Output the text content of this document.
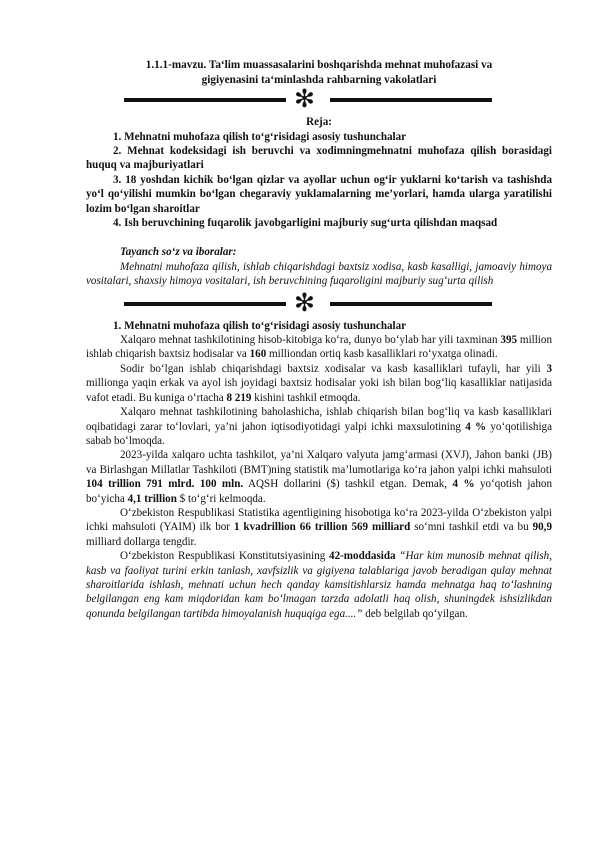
1.1.1-mavzu. Ta‘lim muassasalarini boshqarishda mehnat muhofazasi va
gigiyenasini ta‘minlashda rahbarning vakolatlari

✻

Reja:

1. Mehnatni muhofaza qilish to‘g‘risidagi asosiy tushunchalar

2. Mehnat kodeksidagi ish beruvchi va xodimningmehnatni muhofaza qilish borasidagi huquq va majburiyatlari

3. 18 yoshdan kichik bo‘lgan qizlar va ayollar uchun og‘ir yuklarni ko‘tarish va tashishda yo‘l qo‘yilishi mumkin bo‘lgan chegaraviy yuklamalarning me’yorlari, hamda ularga yaratilishi lozim bo‘lgan sharoitlar

4. Ish beruvchining fuqarolik javobgarligini majburiy sug‘urta qilishdan maqsad

Tayanch so‘z va iboralar:

Mehnatni muhofaza qilish, ishlab chiqarishdagi baxtsiz xodisa, kasb kasalligi, jamoaviy himoya vositalari, shaxsiy himoya vositalari, ish beruvchining fuqaroligini majburiy sug‘urta qilish

✻

1. Mehnatni muhofaza qilish to‘g‘risidagi asosiy tushunchalar

Xalqaro mehnat tashkilotining hisob-kitobiga ko‘ra, dunyo bo‘ylab har yili taxminan 395 million ishlab chiqarish baxtsiz hodisalar va 160 milliondan ortiq kasb kasalliklari ro‘yxatga olinadi.

Sodir bo‘lgan ishlab chiqarishdagi baxtsiz xodisalar va kasb kasalliklari tufayli, har yili 3 millionga yaqin erkak va ayol ish joyidagi baxtsiz hodisalar yoki ish bilan bog‘liq kasalliklar natijasida vafot etadi. Bu kuniga o‘rtacha 8 219 kishini tashkil etmoqda.

Xalqaro mehnat tashkilotining baholashicha, ishlab chiqarish bilan bog‘liq va kasb kasalliklari oqibatidagi zarar to‘lovlari, ya’ni jahon iqtisodiyotidagi yalpi ichki maxsulotining 4 % yo‘qotilishiga sabab bo‘lmoqda.

2023-yilda xalqaro uchta tashkilot, ya’ni Xalqaro valyuta jamg‘armasi (XVJ), Jahon banki (JB) va Birlashgan Millatlar Tashkiloti (BMT)ning statistik ma’lumotlariga ko‘ra jahon yalpi ichki mahsuloti 104 trillion 791 mlrd. 100 mln. AQSH dollarini ($) tashkil etgan. Demak, 4 % yo‘qotish jahon bo‘yicha 4,1 trillion $ to‘g‘ri kelmoqda.

O‘zbekiston Respublikasi Statistika agentligining hisobotiga ko‘ra 2023-yilda O‘zbekiston yalpi ichki mahsuloti (YAIM) ilk bor 1 kvadrillion 66 trillion 569 milliard so‘mni tashkil etdi va bu 90,9 milliard dollarga tengdir.

O‘zbekiston Respublikasi Konstitutsiyasining 42-moddasida “Har kim munosib mehnat qilish, kasb va faoliyat turini erkin tanlash, xavfsizlik va gigiyena talablariga javob beradigan qulay mehnat sharoitlarida ishlash, mehnati uchun hech qanday kamsitishlarsiz hamda mehnatga haq to‘lashning belgilangan eng kam miqdoridan kam bo‘lmagan tarzda adolatli haq olish, shuningdek ishsizlikdan qonunda belgilangan tartibda himoyalanish huquqiga ega....” deb belgilab qo‘yilgan.
